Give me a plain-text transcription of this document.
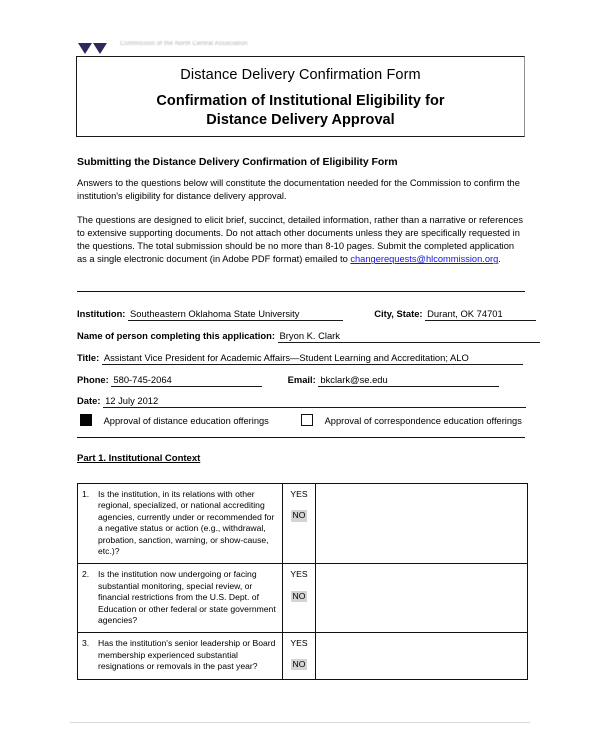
Commission of the North Central Association
Distance Delivery Confirmation Form
Confirmation of Institutional Eligibility for
Distance Delivery Approval
Submitting the Distance Delivery Confirmation of Eligibility Form
Answers to the questions below will constitute the documentation needed for the Commission to confirm the institution's eligibility for distance delivery approval.
The questions are designed to elicit brief, succinct, detailed information, rather than a narrative or references to extensive supporting documents. Do not attach other documents unless they are specifically requested in the questions. The total submission should be no more than 8-10 pages. Submit the completed application as a single electronic document (in Adobe PDF format) emailed to changerequests@hlcommission.org.
Institution: Southeastern Oklahoma State University	City, State: Durant, OK 74701
Name of person completing this application: Bryon K. Clark
Title: Assistant Vice President for Academic Affairs—Student Learning and Accreditation; ALO
Phone: 580-745-2064	Email: bkclark@se.edu
Date: 12 July 2012
Approval of distance education offerings	Approval of correspondence education offerings
Part 1. Institutional Context
1. Is the institution, in its relations with other regional, specialized, or national accrediting agencies, currently under or recommended for a negative status or action (e.g., withdrawal, probation, sanction, warning, or show-cause, etc.)?	YES
NO	

2. Is the institution now undergoing or facing substantial monitoring, special review, or financial restrictions from the U.S. Dept. of Education or other federal or state government agencies?	YES
NO	

3. Has the institution's senior leadership or Board membership experienced substantial resignations or removals in the past year?	YES
NO	
